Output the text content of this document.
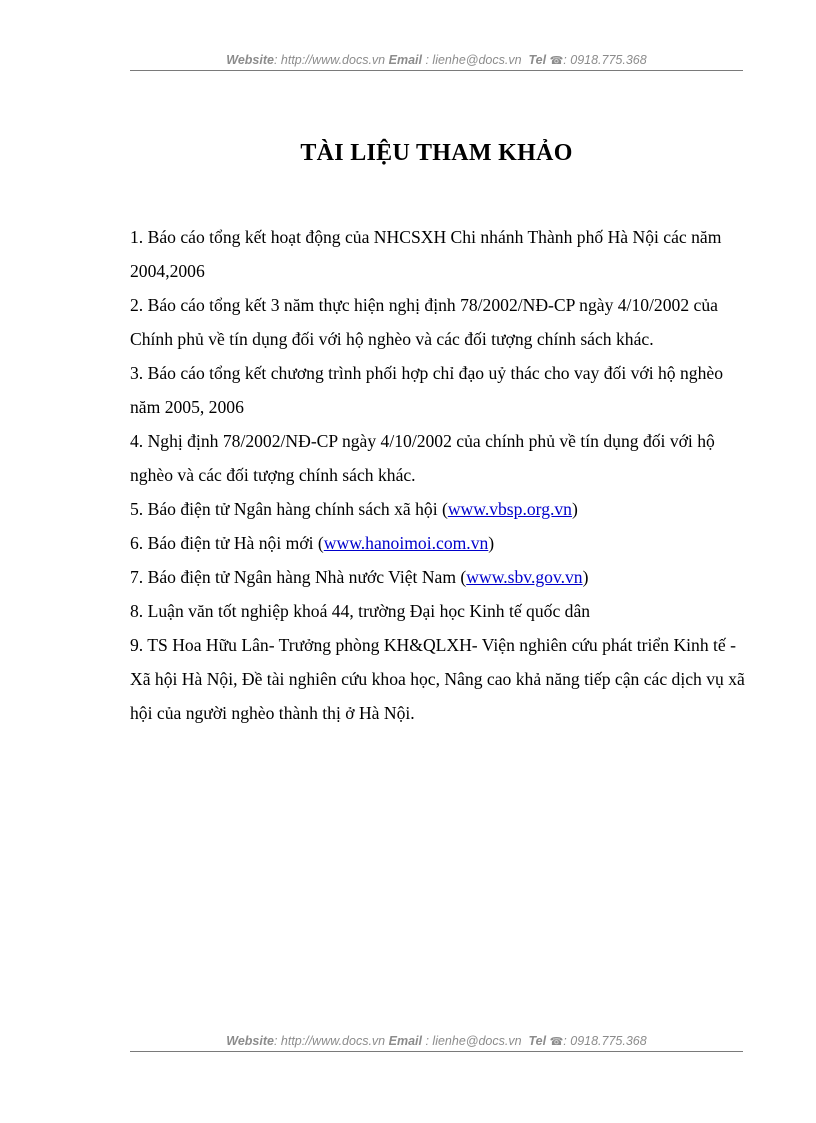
Website: http://www.docs.vn Email : lienhe@docs.vn Tel ☎: 0918.775.368
TÀI LIỆU THAM KHẢO
1. Báo cáo tổng kết hoạt động của NHCSXH Chi nhánh Thành phố Hà Nội các năm 2004,2006
2. Báo cáo tổng kết 3 năm thực hiện nghị định 78/2002/NĐ-CP ngày 4/10/2002 của Chính phủ về tín dụng đối với hộ nghèo và các đối tượng chính sách khác.
3. Báo cáo tổng kết chương trình phối hợp chỉ đạo uỷ thác cho vay đối với hộ nghèo năm 2005, 2006
4. Nghị định 78/2002/NĐ-CP ngày 4/10/2002 của chính phủ về tín dụng đối với hộ nghèo và các đối tượng chính sách khác.
5. Báo điện tử Ngân hàng chính sách xã hội (www.vbsp.org.vn)
6. Báo điện tử Hà nội mới (www.hanoimoi.com.vn)
7. Báo điện tử Ngân hàng Nhà nước Việt Nam (www.sbv.gov.vn)
8. Luận văn tốt nghiệp khoá 44, trường Đại học Kinh tế quốc dân
9. TS Hoa Hữu Lân- Trưởng phòng KH&QLXH- Viện nghiên cứu phát triển Kinh tế - Xã hội Hà Nội, Đề tài nghiên cứu khoa học, Nâng cao khả năng tiếp cận các dịch vụ xã hội của người nghèo thành thị ở Hà Nội.
Website: http://www.docs.vn Email : lienhe@docs.vn Tel ☎: 0918.775.368
